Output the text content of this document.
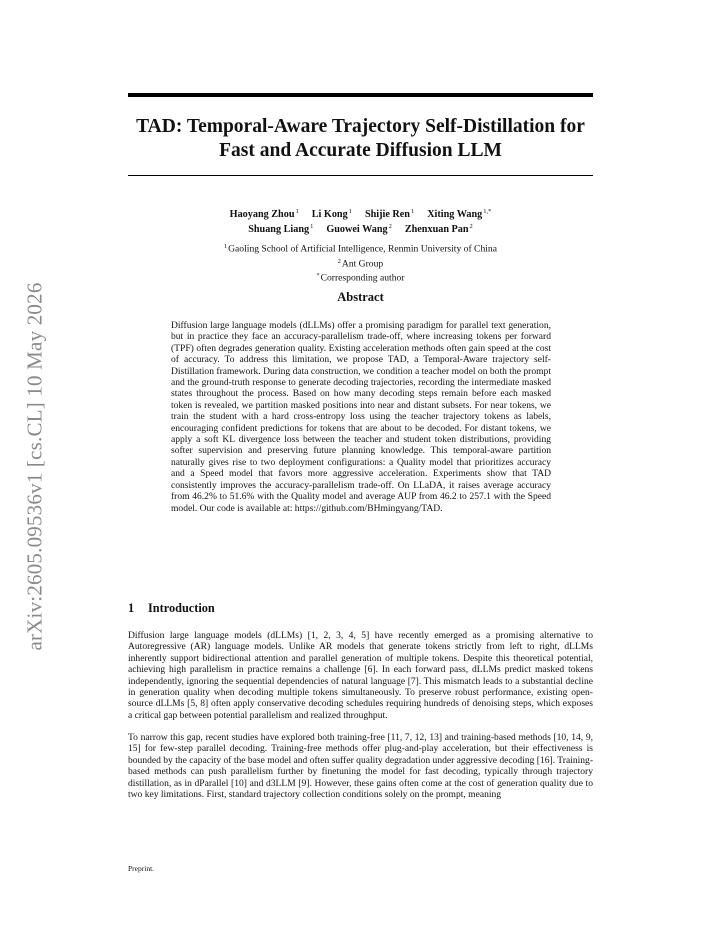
arXiv:2605.09536v1 [cs.CL] 10 May 2026
TAD: Temporal-Aware Trajectory Self-Distillation for
Fast and Accurate Diffusion LLM
Haoyang Zhou$^1$ Li Kong$^1$ Shijie Ren$^1$ Xiting Wang$^{1,*}$
Shuang Liang$^1$ Guowei Wang$^2$ Zhenxuan Pan$^2$
$^1$Gaoling School of Artificial Intelligence, Renmin University of China
$^2$Ant Group
*Corresponding author
Abstract

Diffusion large language models (dLLMs) offer a promising paradigm for parallel text generation, but in practice they face an accuracy-parallelism trade-off, where increasing tokens per forward (TPF) often degrades generation quality. Existing acceleration methods often gain speed at the cost of accuracy. To address this limitation, we propose TAD, a Temporal-Aware trajectory self-Distillation framework. During data construction, we condition a teacher model on both the prompt and the ground-truth response to generate decoding trajectories, recording the intermediate masked states throughout the process. Based on how many decoding steps remain before each masked token is revealed, we partition masked positions into near and distant subsets. For near tokens, we train the student with a hard cross-entropy loss using the teacher trajectory tokens as labels, encouraging confident predictions for tokens that are about to be decoded. For distant tokens, we apply a soft KL divergence loss between the teacher and student token distributions, providing softer supervision and preserving future planning knowledge. This temporal-aware partition naturally gives rise to two deployment configurations: a Quality model that prioritizes accuracy and a Speed model that favors more aggressive acceleration. Experiments show that TAD consistently improves the accuracy-parallelism trade-off. On LLaDA, it raises average accuracy from 46.2% to 51.6% with the Quality model and average AUP from 46.2 to 257.1 with the Speed model. Our code is available at: https://github.com/BHmingyang/TAD.

1 Introduction

Diffusion large language models (dLLMs) [1, 2, 3, 4, 5] have recently emerged as a promising alternative to Autoregressive (AR) language models. Unlike AR models that generate tokens strictly from left to right, dLLMs inherently support bidirectional attention and parallel generation of multiple tokens. Despite this theoretical potential, achieving high parallelism in practice remains a challenge [6]. In each forward pass, dLLMs predict masked tokens independently, ignoring the sequential dependencies of natural language [7]. This mismatch leads to a substantial decline in generation quality when decoding multiple tokens simultaneously. To preserve robust performance, existing open-source dLLMs [5, 8] often apply conservative decoding schedules requiring hundreds of denoising steps, which exposes a critical gap between potential parallelism and realized throughput.

To narrow this gap, recent studies have explored both training-free [11, 7, 12, 13] and training-based methods [10, 14, 9, 15] for few-step parallel decoding. Training-free methods offer plug-and-play acceleration, but their effectiveness is bounded by the capacity of the base model and often suffer quality degradation under aggressive decoding [16]. Training-based methods can push parallelism further by finetuning the model for fast decoding, typically through trajectory distillation, as in dParallel [10] and d3LLM [9]. However, these gains often come at the cost of generation quality due to two key limitations. First, standard trajectory collection conditions solely on the prompt, meaning

Preprint.
